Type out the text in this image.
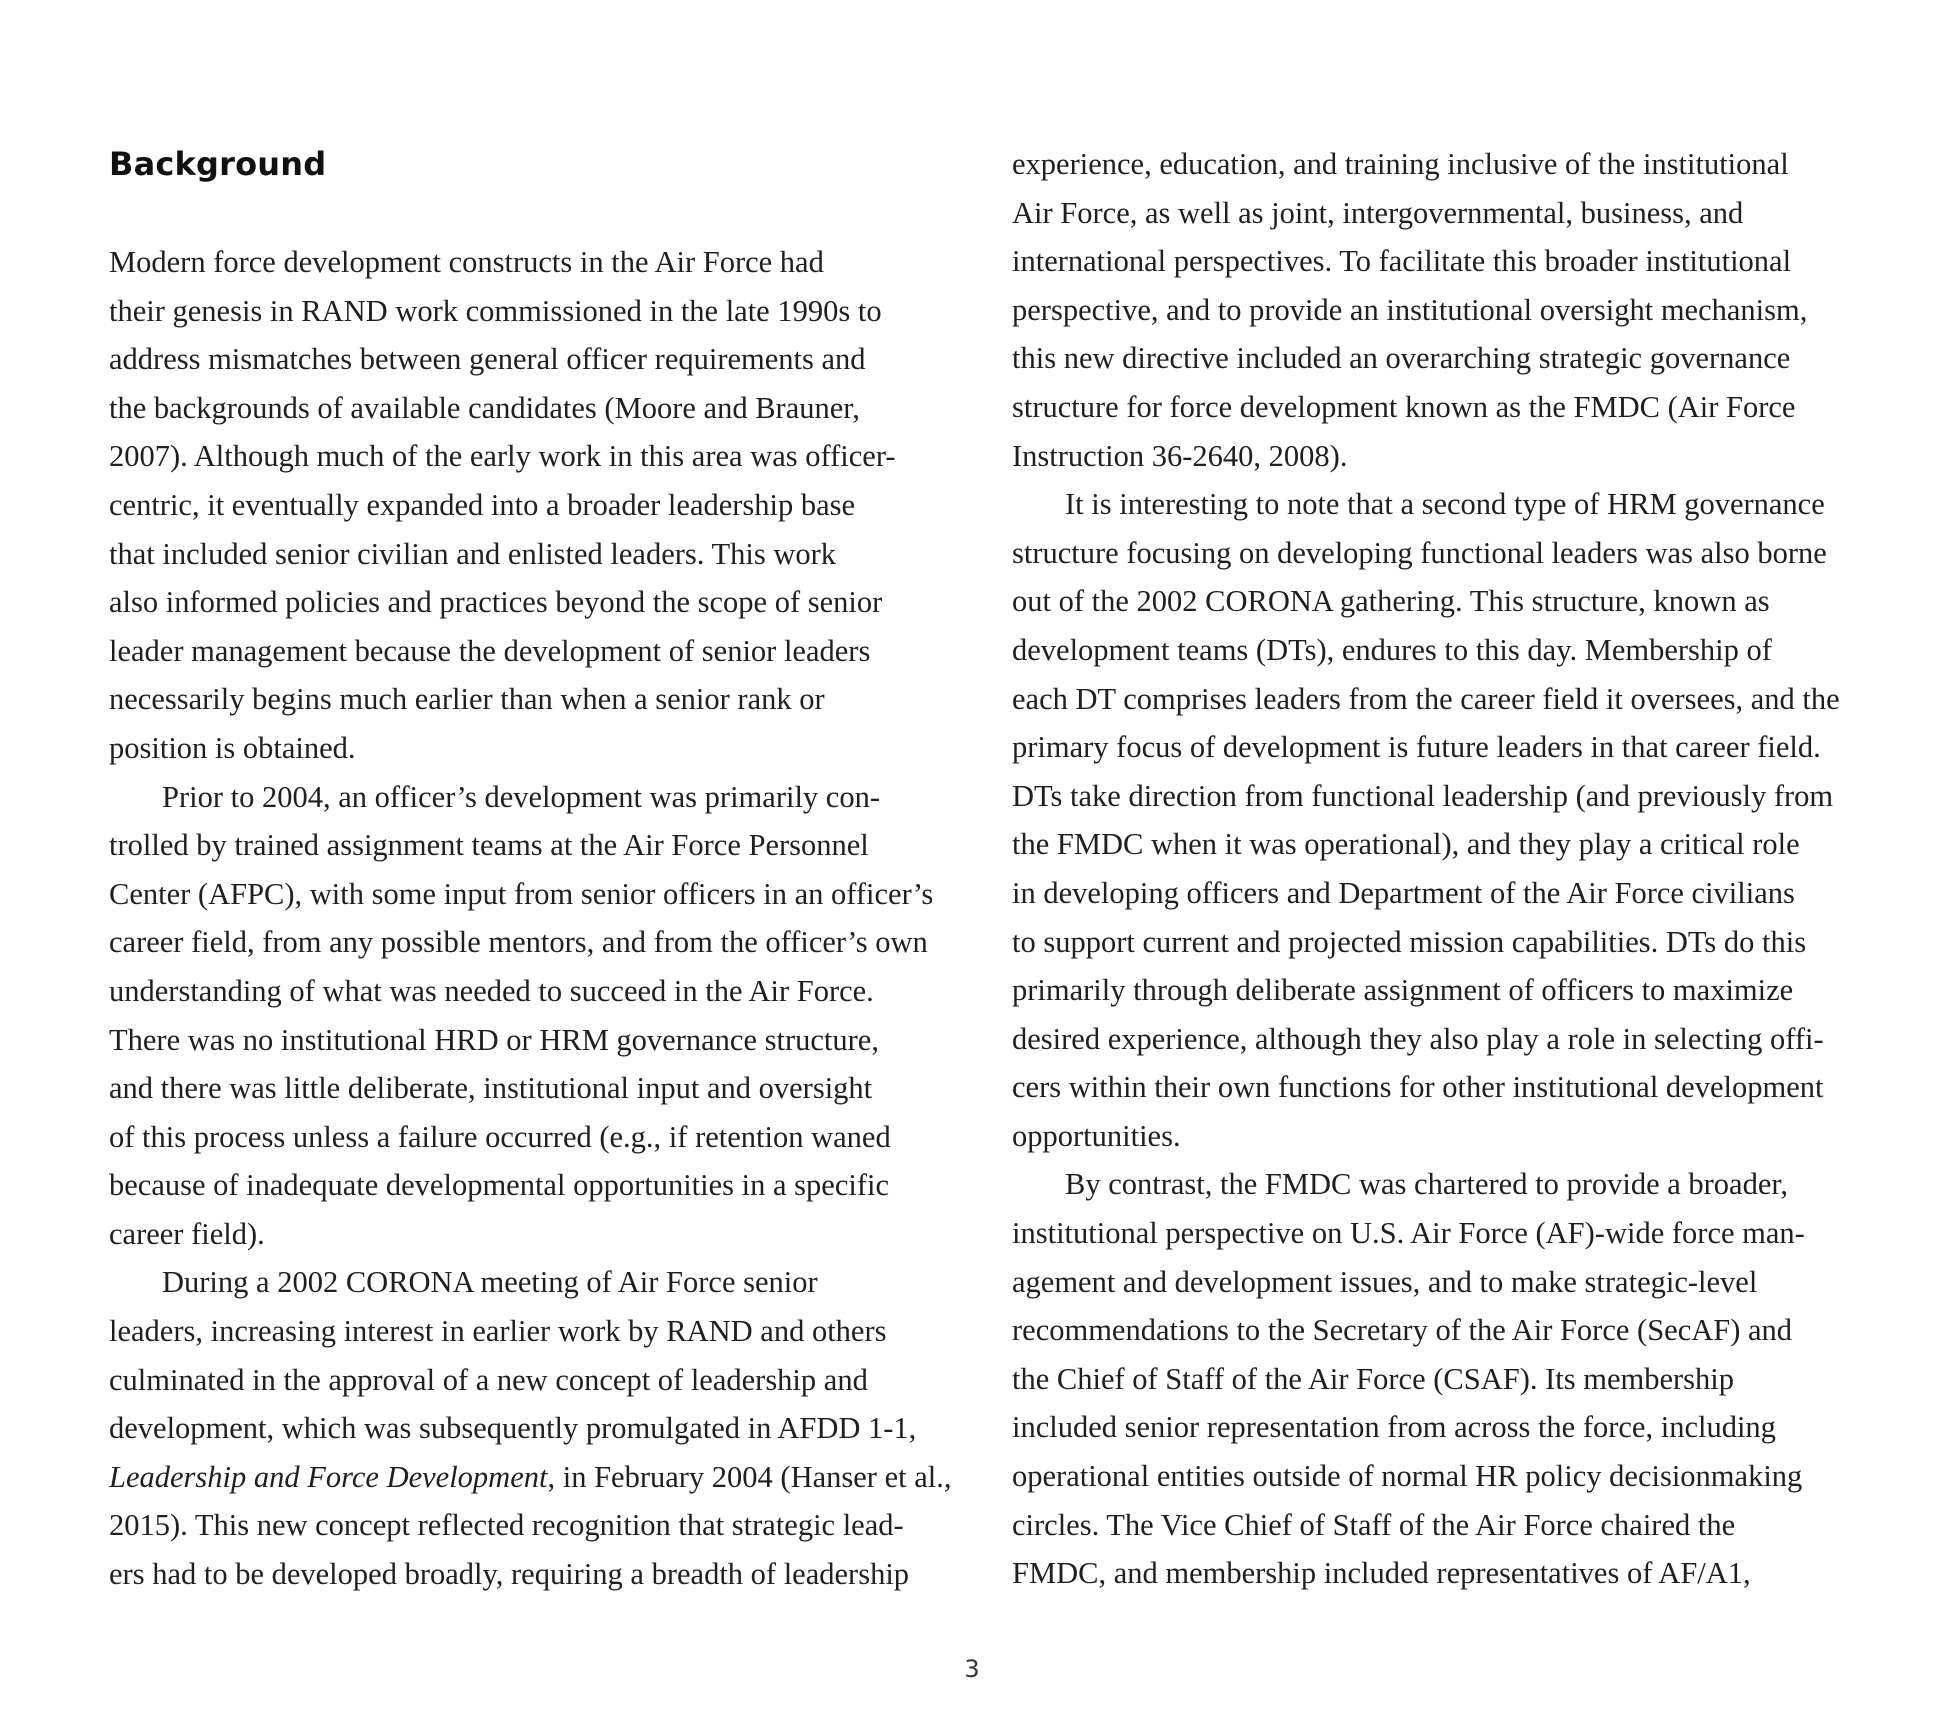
Background

Modern force development constructs in the Air Force had
their genesis in RAND work commissioned in the late 1990s to
address mismatches between general officer requirements and
the backgrounds of available candidates (Moore and Brauner,
2007). Although much of the early work in this area was officer-
centric, it eventually expanded into a broader leadership base
that included senior civilian and enlisted leaders. This work
also informed policies and practices beyond the scope of senior
leader management because the development of senior leaders
necessarily begins much earlier than when a senior rank or
position is obtained.

Prior to 2004, an officer’s development was primarily con-
trolled by trained assignment teams at the Air Force Personnel
Center (AFPC), with some input from senior officers in an officer’s
career field, from any possible mentors, and from the officer’s own
understanding of what was needed to succeed in the Air Force.
There was no institutional HRD or HRM governance structure,
and there was little deliberate, institutional input and oversight
of this process unless a failure occurred (e.g., if retention waned
because of inadequate developmental opportunities in a specific
career field).

During a 2002 CORONA meeting of Air Force senior
leaders, increasing interest in earlier work by RAND and others
culminated in the approval of a new concept of leadership and
development, which was subsequently promulgated in AFDD 1-1,
Leadership and Force Development, in February 2004 (Hanser et al.,
2015). This new concept reflected recognition that strategic lead-
ers had to be developed broadly, requiring a breadth of leadership

experience, education, and training inclusive of the institutional
Air Force, as well as joint, intergovernmental, business, and
international perspectives. To facilitate this broader institutional
perspective, and to provide an institutional oversight mechanism,
this new directive included an overarching strategic governance
structure for force development known as the FMDC (Air Force
Instruction 36-2640, 2008).

It is interesting to note that a second type of HRM governance
structure focusing on developing functional leaders was also borne
out of the 2002 CORONA gathering. This structure, known as
development teams (DTs), endures to this day. Membership of
each DT comprises leaders from the career field it oversees, and the
primary focus of development is future leaders in that career field.
DTs take direction from functional leadership (and previously from
the FMDC when it was operational), and they play a critical role
in developing officers and Department of the Air Force civilians
to support current and projected mission capabilities. DTs do this
primarily through deliberate assignment of officers to maximize
desired experience, although they also play a role in selecting offi-
cers within their own functions for other institutional development
opportunities.

By contrast, the FMDC was chartered to provide a broader,
institutional perspective on U.S. Air Force (AF)-wide force man-
agement and development issues, and to make strategic-level
recommendations to the Secretary of the Air Force (SecAF) and
the Chief of Staff of the Air Force (CSAF). Its membership
included senior representation from across the force, including
operational entities outside of normal HR policy decisionmaking
circles. The Vice Chief of Staff of the Air Force chaired the
FMDC, and membership included representatives of AF/A1,

3
